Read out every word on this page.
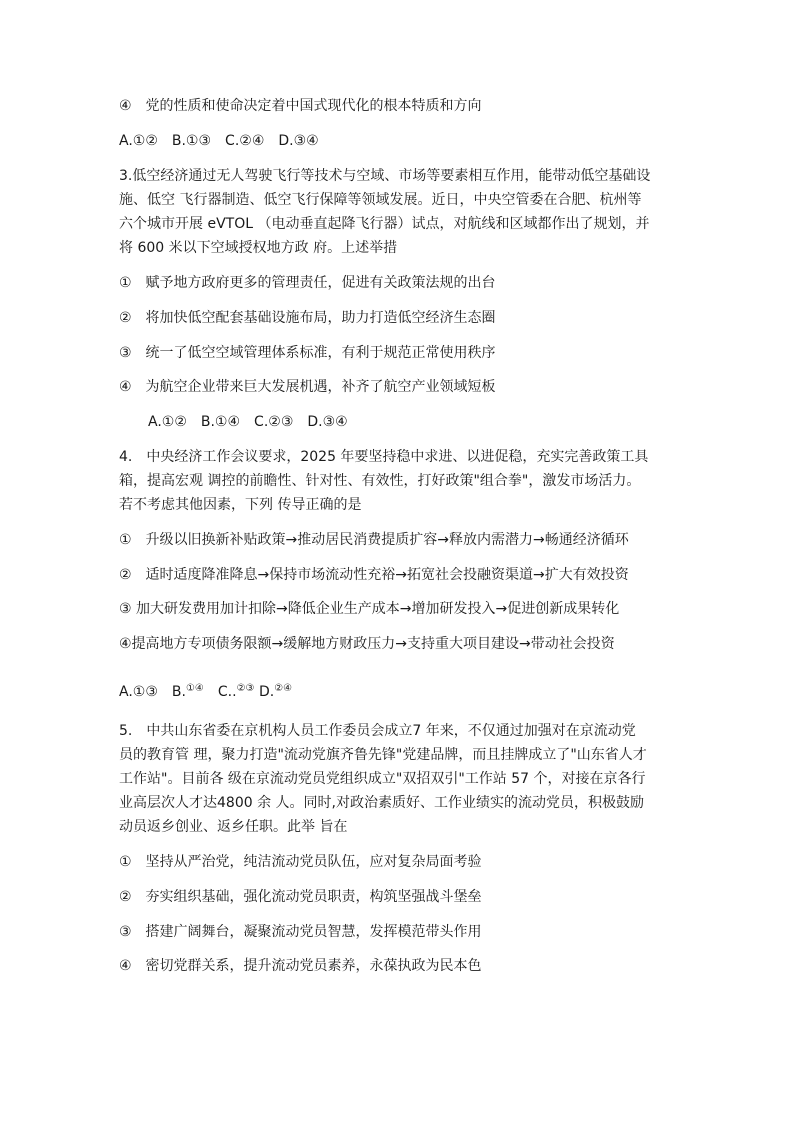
④　党的性质和使命决定着中国式现代化的根本特质和方向
A.①②　B.①③　C.②④　D.③④
3.低空经济通过无人驾驶飞行等技术与空域、市场等要素相互作用，能带动低空基础设
施、低空 飞行器制造、低空飞行保障等领域发展。近日，中央空管委在合肥、杭州等
六个城市开展 eVTOL （电动垂直起降飞行器）试点，对航线和区域都作出了规划，并
将 600 米以下空域授权地方政 府。上述举措
①　赋予地方政府更多的管理责任，促进有关政策法规的出台
②　将加快低空配套基础设施布局，助力打造低空经济生态圈
③　统一了低空空域管理体系标准，有利于规范正常使用秩序
④　为航空企业带来巨大发展机遇，补齐了航空产业领域短板
A.①②　B.①④　C.②③　D.③④
4.　中央经济工作会议要求，2025 年要坚持稳中求进、以进促稳，充实完善政策工具
箱，提高宏观 调控的前瞻性、针对性、有效性，打好政策"组合拳"，激发市场活力。
若不考虑其他因素，下列 传导正确的是
①　升级以旧换新补贴政策→推动居民消费提质扩容→释放内需潜力→畅通经济循环
②　适时适度降准降息→保持市场流动性充裕→拓宽社会投融资渠道→扩大有效投资
③ 加大研发费用加计扣除→降低企业生产成本→增加研发投入→促进创新成果转化
④提高地方专项债务限额→缓解地方财政压力→支持重大项目建设→带动社会投资
A.①③　B.①④　C..②③ D.②④
5.　中共山东省委在京机构人员工作委员会成立7 年来，不仅通过加强对在京流动党
员的教育管 理，聚力打造"流动党旗齐鲁先锋"党建品牌，而且挂牌成立了"山东省人才
工作站"。目前各 级在京流动党员党组织成立"双招双引"工作站 57 个，对接在京各行
业高层次人才达4800 余 人。同时,对政治素质好、工作业绩实的流动党员，积极鼓励
动员返乡创业、返乡任职。此举 旨在
①　坚持从严治党，纯洁流动党员队伍，应对复杂局面考验
②　夯实组织基础，强化流动党员职责，构筑坚强战斗堡垒
③　搭建广阔舞台，凝聚流动党员智慧，发挥模范带头作用
④　密切党群关系，提升流动党员素养，永葆执政为民本色
